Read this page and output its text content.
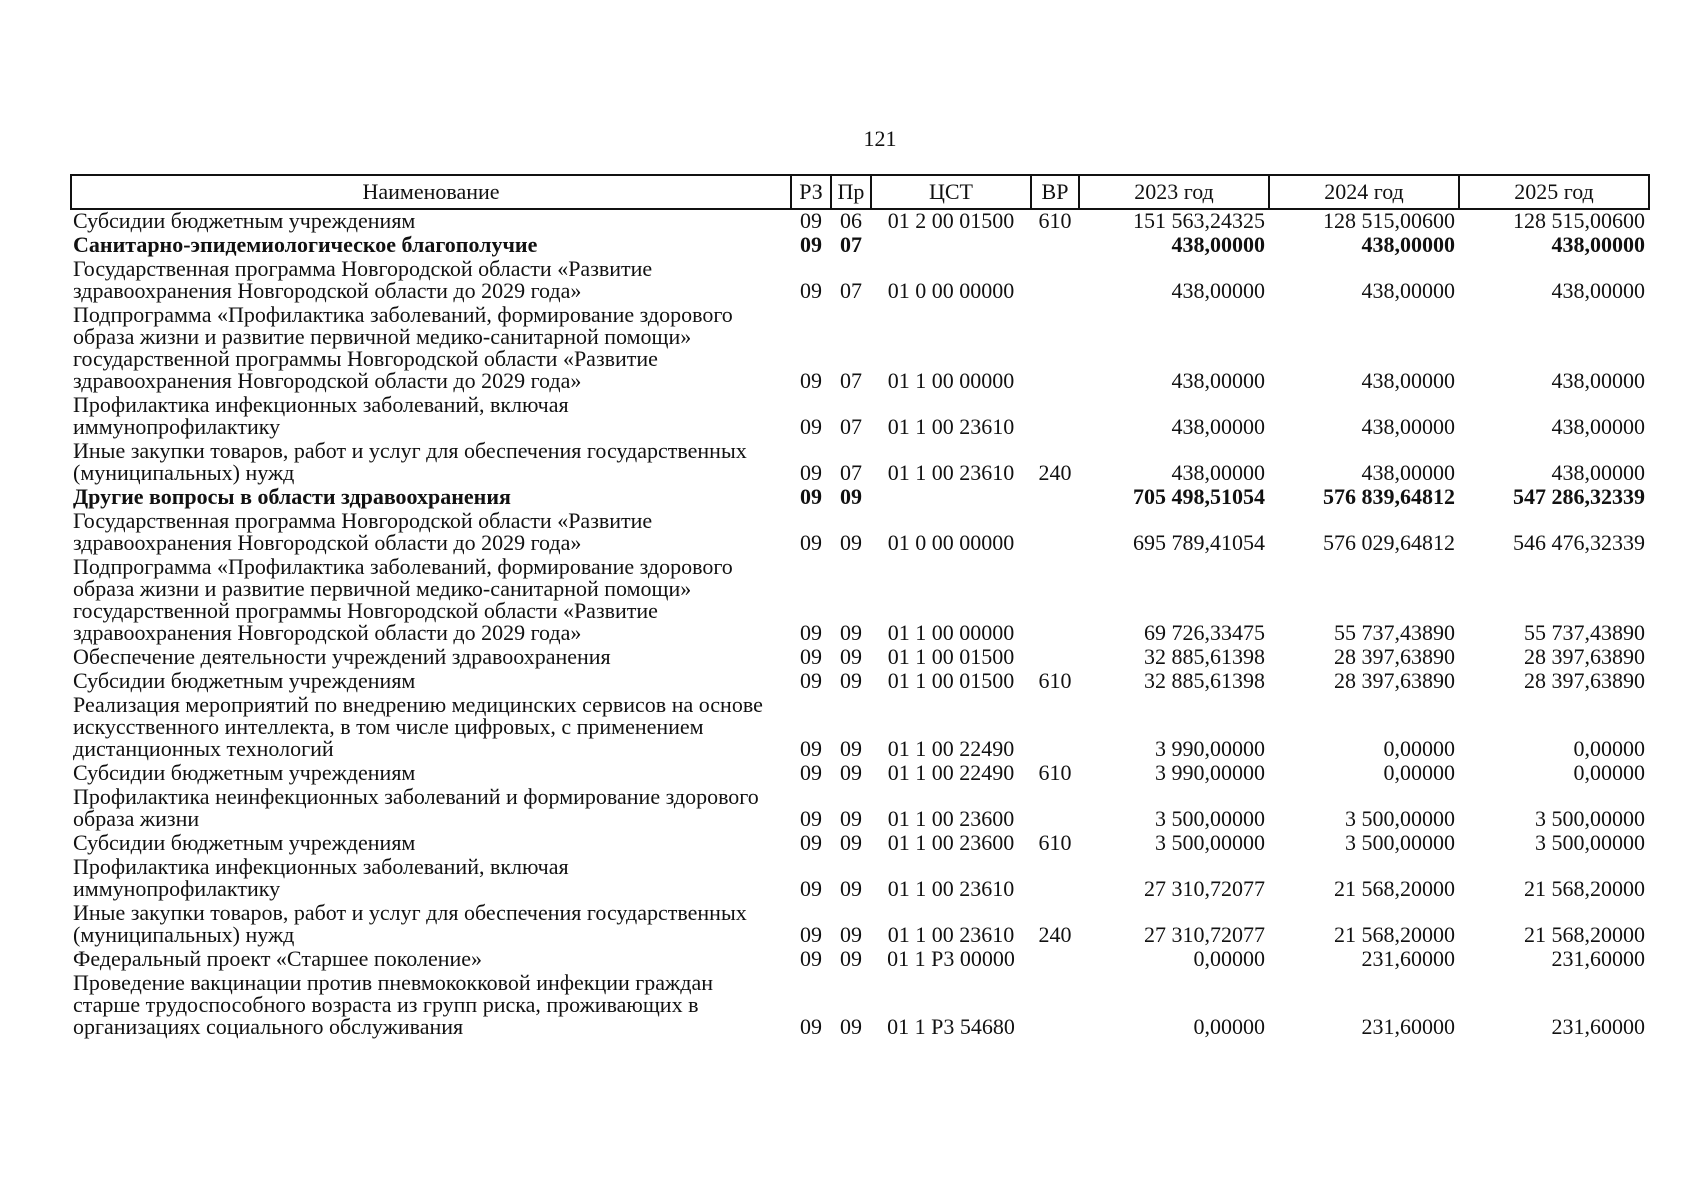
121
Наименование	РЗ	Пр	ЦСТ	ВР	2023 год	2024 год	2025 год
Субсидии бюджетным учреждениям	09	06	01 2 00 01500	610	151 563,24325	128 515,00600	128 515,00600
Санитарно-эпидемиологическое благополучие	09	07			438,00000	438,00000	438,00000
Государственная программа Новгородской области «Развитие здравоохранения Новгородской области до 2029 года»	09	07	01 0 00 00000		438,00000	438,00000	438,00000
Подпрограмма «Профилактика заболеваний, формирование здорового образа жизни и развитие первичной медико-санитарной помощи» государственной программы Новгородской области «Развитие здравоохранения Новгородской области до 2029 года»	09	07	01 1 00 00000		438,00000	438,00000	438,00000
Профилактика инфекционных заболеваний, включая иммунопрофилактику	09	07	01 1 00 23610		438,00000	438,00000	438,00000
Иные закупки товаров, работ и услуг для обеспечения государственных (муниципальных) нужд	09	07	01 1 00 23610	240	438,00000	438,00000	438,00000
Другие вопросы в области здравоохранения	09	09			705 498,51054	576 839,64812	547 286,32339
Государственная программа Новгородской области «Развитие здравоохранения Новгородской области до 2029 года»	09	09	01 0 00 00000		695 789,41054	576 029,64812	546 476,32339
Подпрограмма «Профилактика заболеваний, формирование здорового образа жизни и развитие первичной медико-санитарной помощи» государственной программы Новгородской области «Развитие здравоохранения Новгородской области до 2029 года»	09	09	01 1 00 00000		69 726,33475	55 737,43890	55 737,43890
Обеспечение деятельности учреждений здравоохранения	09	09	01 1 00 01500		32 885,61398	28 397,63890	28 397,63890
Субсидии бюджетным учреждениям	09	09	01 1 00 01500	610	32 885,61398	28 397,63890	28 397,63890
Реализация мероприятий по внедрению медицинских сервисов на основе искусственного интеллекта, в том числе цифровых, с применением дистанционных технологий	09	09	01 1 00 22490		3 990,00000	0,00000	0,00000
Субсидии бюджетным учреждениям	09	09	01 1 00 22490	610	3 990,00000	0,00000	0,00000
Профилактика неинфекционных заболеваний и формирование здорового образа жизни	09	09	01 1 00 23600		3 500,00000	3 500,00000	3 500,00000
Субсидии бюджетным учреждениям	09	09	01 1 00 23600	610	3 500,00000	3 500,00000	3 500,00000
Профилактика инфекционных заболеваний, включая иммунопрофилактику	09	09	01 1 00 23610		27 310,72077	21 568,20000	21 568,20000
Иные закупки товаров, работ и услуг для обеспечения государственных (муниципальных) нужд	09	09	01 1 00 23610	240	27 310,72077	21 568,20000	21 568,20000
Федеральный проект «Старшее поколение»	09	09	01 1 Р3 00000		0,00000	231,60000	231,60000
Проведение вакцинации против пневмококковой инфекции граждан старше трудоспособного возраста из групп риска, проживающих в организациях социального обслуживания	09	09	01 1 Р3 54680		0,00000	231,60000	231,60000
